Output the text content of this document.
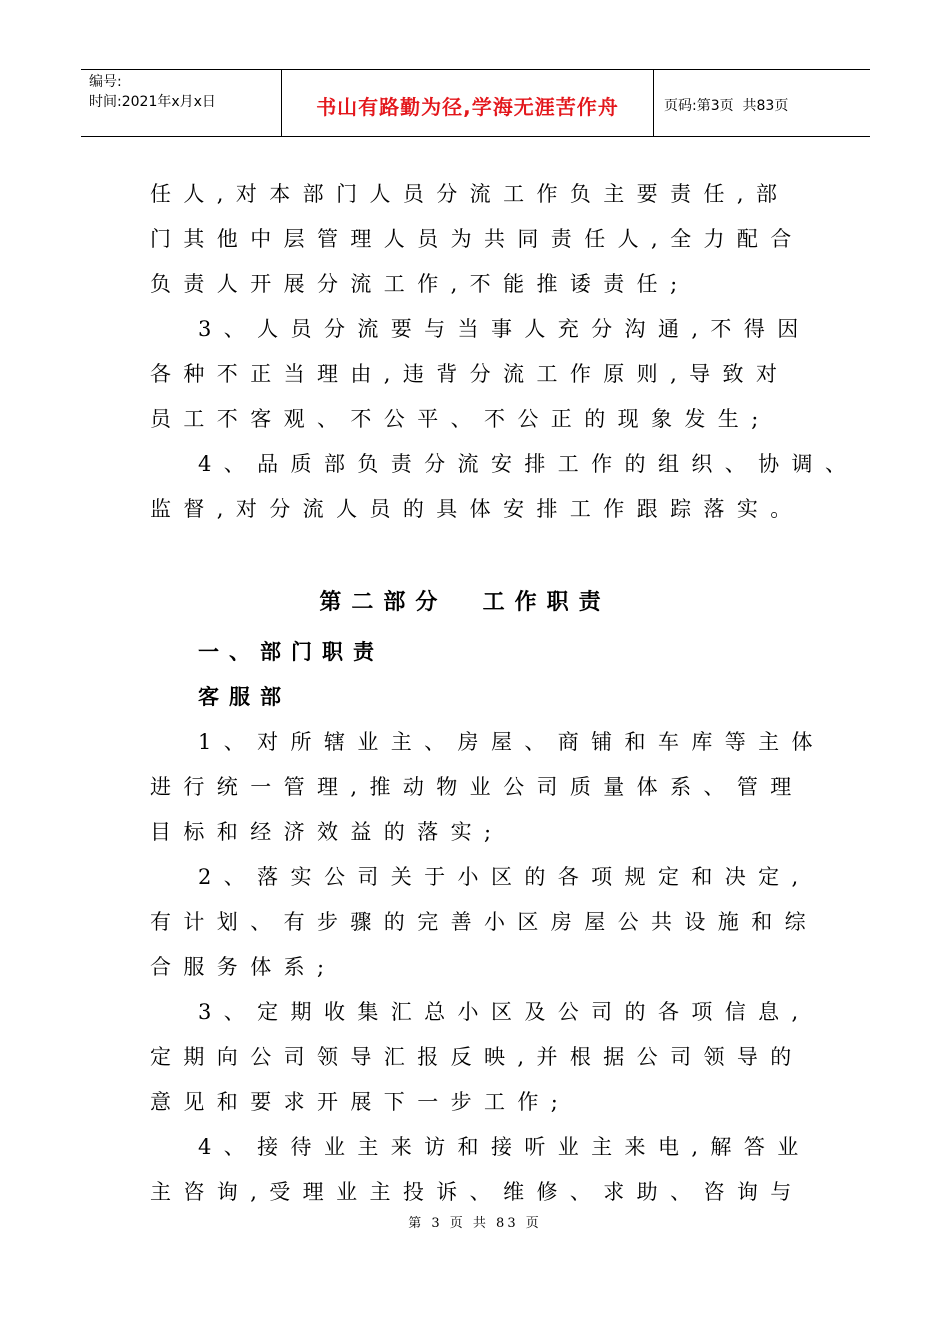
编号:
时间:2021年x月x日	书山有路勤为径,学海无涯苦作舟	页码:第3页  共83页
任人,对本部门人员分流工作负主要责任,部
门其他中层管理人员为共同责任人,全力配合
负责人开展分流工作,不能推诿责任;
3、人员分流要与当事人充分沟通,不得因
各种不正当理由,违背分流工作原则,导致对
员工不客观、不公平、不公正的现象发生;
4、品质部负责分流安排工作的组织、协调、
监督,对分流人员的具体安排工作跟踪落实。
第二部分  工作职责
一、部门职责
客服部
1、对所辖业主、房屋、商铺和车库等主体
进行统一管理,推动物业公司质量体系、管理
目标和经济效益的落实;
2、落实公司关于小区的各项规定和决定,
有计划、有步骤的完善小区房屋公共设施和综
合服务体系;
3、定期收集汇总小区及公司的各项信息,
定期向公司领导汇报反映,并根据公司领导的
意见和要求开展下一步工作;
4、接待业主来访和接听业主来电,解答业
主咨询,受理业主投诉、维修、求助、咨询与
第 3 页 共 83 页
